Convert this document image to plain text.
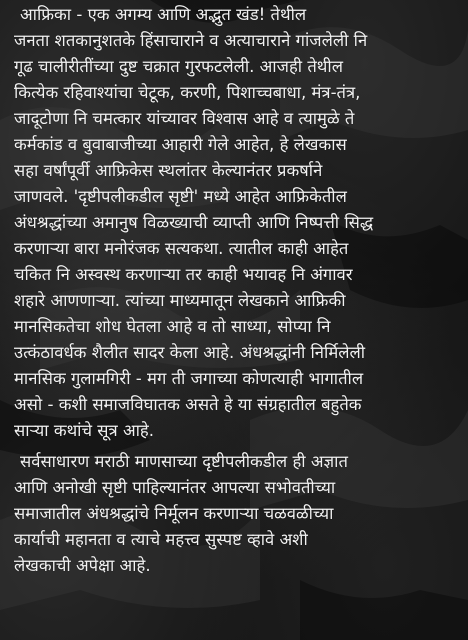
आफ्रिका - एक अगम्य आणि अद्भुत खंड! तेथील
जनता शतकानुशतके हिंसाचाराने व अत्याचाराने गांजलेली नि
गूढ चालीरीतींच्या दुष्ट चक्रात गुरफटलेली. आजही तेथील
कित्येक रहिवाश्यांचा चेटूक, करणी, पिशाच्चबाधा, मंत्र-तंत्र,
जादूटोणा नि चमत्कार यांच्यावर विश्वास आहे व त्यामुळे ते
कर्मकांड व बुवाबाजीच्या आहारी गेले आहेत, हे लेखकास
सहा वर्षांपूर्वी आफ्रिकेस स्थलांतर केल्यानंतर प्रकर्षाने
जाणवले. 'दृष्टीपलीकडील सृष्टी' मध्ये आहेत आफ्रिकेतील
अंधश्रद्धांच्या अमानुष विळख्याची व्याप्ती आणि निष्पत्ती सिद्ध
करणाऱ्या बारा मनोरंजक सत्यकथा. त्यातील काही आहेत
चकित नि अस्वस्थ करणाऱ्या तर काही भयावह नि अंगावर
शहारे आणणाऱ्या. त्यांच्या माध्यमातून लेखकाने आफ्रिकी
मानसिकतेचा शोध घेतला आहे व तो साध्या, सोप्या नि
उत्कंठावर्धक शैलीत सादर केला आहे. अंधश्रद्धांनी निर्मिलेली
मानसिक गुलामगिरी - मग ती जगाच्या कोणत्याही भागातील
असो - कशी समाजविघातक असते हे या संग्रहातील बहुतेक
साऱ्या कथांचे सूत्र आहे.
सर्वसाधारण मराठी माणसाच्या दृष्टीपलीकडील ही अज्ञात
आणि अनोखी सृष्टी पाहिल्यानंतर आपल्या सभोवतीच्या
समाजातील अंधश्रद्धांचे निर्मूलन करणाऱ्या चळवळीच्या
कार्याची महानता व त्याचे महत्त्व सुस्पष्ट व्हावे अशी
लेखकाची अपेक्षा आहे.
